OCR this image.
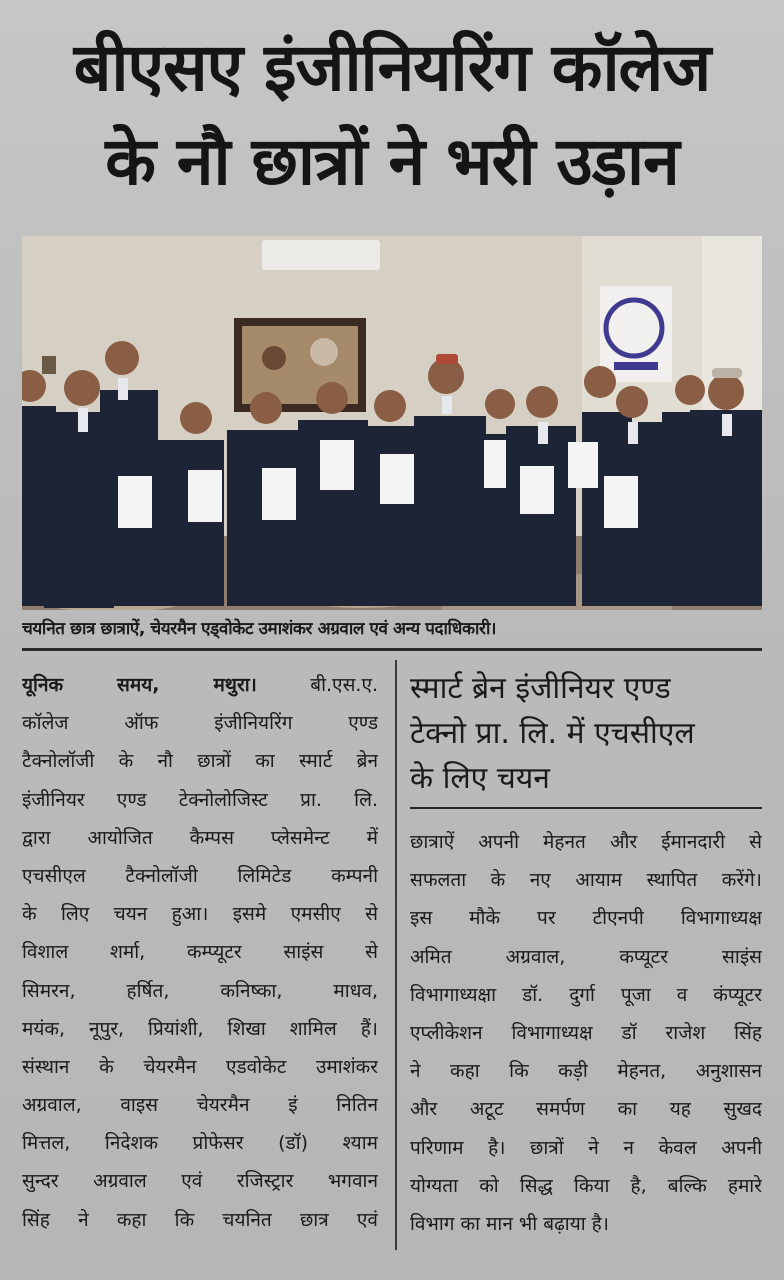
बीएसए इंजीनियरिंग कॉलेज
के नौ छात्रों ने भरी उड़ान
चयनित छात्र छात्राऐं, चेयरमैन एड्वोकेट उमाशंकर अग्रवाल एवं अन्य पदाधिकारी।
यूनिक समय, मथुरा।	बी.एस.ए.
कॉलेज ऑफ इंजीनियरिंग एण्ड
टैक्नोलॉजी के नौ छात्रों का स्मार्ट ब्रेन
इंजीनियर एण्ड टेक्नोलोजिस्ट प्रा. लि.
द्वारा आयोजित कैम्पस प्लेसमेन्ट में
एचसीएल टैक्नोलॉजी लिमिटेड कम्पनी
के लिए चयन हुआ। इसमे एमसीए से
विशाल शर्मा, कम्प्यूटर साइंस से
सिमरन, हर्षित, कनिष्का, माधव,
मयंक, नूपुर, प्रियांशी, शिखा शामिल हैं।
संस्थान के चेयरमैन एडवोकेट उमाशंकर
अग्रवाल, वाइस चेयरमैन इं नितिन
मित्तल, निदेशक प्रोफेसर (डॉ) श्याम
सुन्दर अग्रवाल एवं रजिस्ट्रार भगवान
सिंह ने कहा कि चयनित छात्र एवं
स्मार्ट ब्रेन इंजीनियर एण्ड
टेक्नो प्रा. लि. में एचसीएल
के लिए चयन
छात्राऐं अपनी मेहनत और ईमानदारी से
सफलता के नए आयाम स्थापित करेंगे।
इस मौके पर टीएनपी विभागाध्यक्ष
अमित अग्रवाल, कप्यूटर साइंस
विभागाध्यक्षा डॉ. दुर्गा पूजा व कंप्यूटर
एप्लीकेशन विभागाध्यक्ष डॉ राजेश सिंह
ने कहा कि कड़ी मेहनत, अनुशासन
और अटूट समर्पण का यह सुखद
परिणाम है। छात्रों ने न केवल अपनी
योग्यता को सिद्ध किया है, बल्कि हमारे
विभाग का मान भी बढ़ाया है।
